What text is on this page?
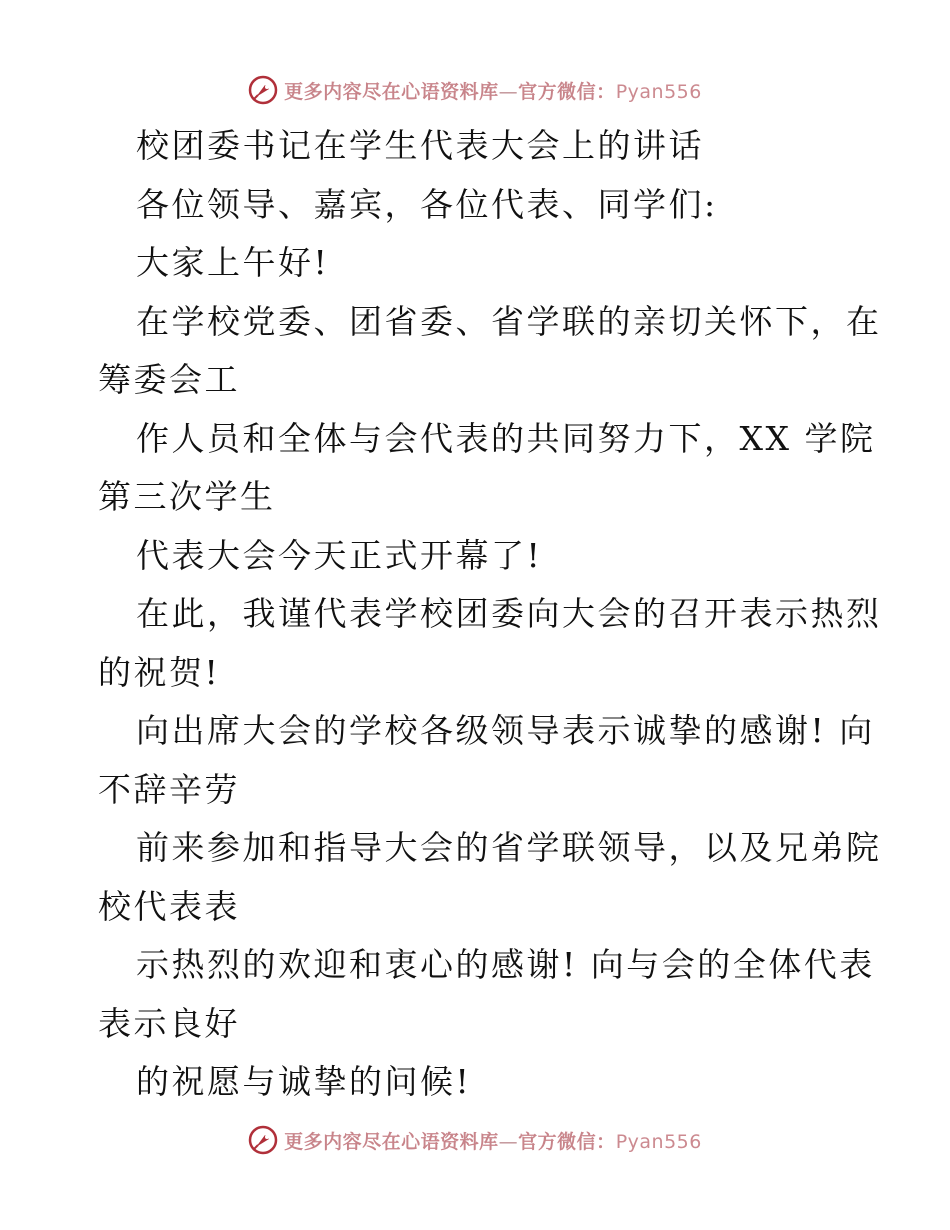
更多内容尽在心语资料库—官方微信：Pyan556
校团委书记在学生代表大会上的讲话
各位领导、嘉宾，各位代表、同学们:
大家上午好!
在学校党委、团省委、省学联的亲切关怀下，在
筹委会工
作人员和全体与会代表的共同努力下，XX 学院
第三次学生
代表大会今天正式开幕了!
在此，我谨代表学校团委向大会的召开表示热烈
的祝贺!
向出席大会的学校各级领导表示诚挚的感谢! 向
不辞辛劳
前来参加和指导大会的省学联领导，以及兄弟院
校代表表
示热烈的欢迎和衷心的感谢! 向与会的全体代表
表示良好
的祝愿与诚挚的问候!
更多内容尽在心语资料库—官方微信：Pyan556
